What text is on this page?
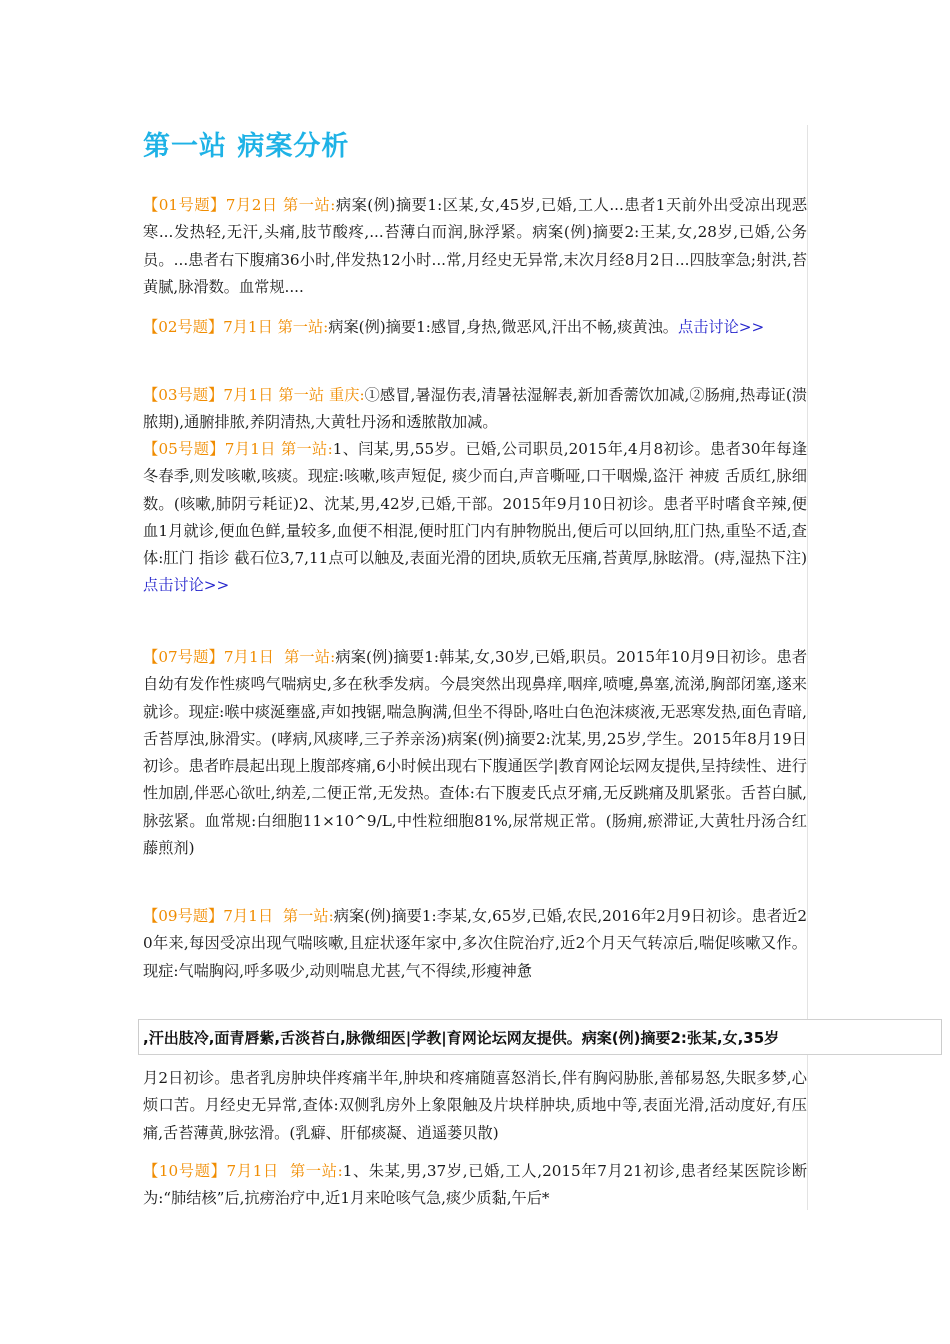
第一站 病案分析

【01号题】7月2日 第一站:病案(例)摘要1:区某,女,45岁,已婚,工人...患者1天前外出受凉出现恶寒...发热轻,无汗,头痛,肢节酸疼,...苔薄白而润,脉浮紧。病案(例)摘要2:王某,女,28岁,已婚,公务员。...患者右下腹痛36小时,伴发热12小时...常,月经史无异常,末次月经8月2日...四肢挛急;射洪,苔黄腻,脉滑数。血常规....

【02号题】7月1日 第一站:病案(例)摘要1:感冒,身热,微恶风,汗出不畅,痰黄浊。点击讨论>>

【03号题】7月1日 第一站 重庆:①感冒,暑湿伤表,清暑祛湿解表,新加香薷饮加减,②肠痈,热毒证(溃脓期),通腑排脓,养阴清热,大黄牡丹汤和透脓散加减。

【05号题】7月1日 第一站:1、闫某,男,55岁。已婚,公司职员,2015年,4月8初诊。患者30年每逢冬春季,则发咳嗽,咳痰。现症:咳嗽,咳声短促, 痰少而白,声音嘶哑,口干咽燥,盗汗 神疲 舌质红,脉细数。(咳嗽,肺阴亏耗证)2、沈某,男,42岁,已婚,干部。2015年9月10日初诊。患者平时嗜食辛辣,便血1月就诊,便血色鲜,量较多,血便不相混,便时肛门内有肿物脱出,便后可以回纳,肛门热,重坠不适,查体:肛门 指诊 截石位3,7,11点可以触及,表面光滑的团块,质软无压痛,苔黄厚,脉眩滑。(痔,湿热下注)点击讨论>>

【07号题】7月1日 第一站:病案(例)摘要1:韩某,女,30岁,已婚,职员。2015年10月9日初诊。患者自幼有发作性痰鸣气喘病史,多在秋季发病。今晨突然出现鼻痒,咽痒,喷嚏,鼻塞,流涕,胸部闭塞,遂来就诊。现症:喉中痰涎壅盛,声如拽锯,喘急胸满,但坐不得卧,咯吐白色泡沫痰液,无恶寒发热,面色青暗,舌苔厚浊,脉滑实。(哮病,风痰哮,三子养亲汤)病案(例)摘要2:沈某,男,25岁,学生。2015年8月19日初诊。患者昨晨起出现上腹部疼痛,6小时候出现右下腹通医学|教育网论坛网友提供,呈持续性、进行性加剧,伴恶心欲吐,纳差,二便正常,无发热。查体:右下腹麦氏点牙痛,无反跳痛及肌紧张。舌苔白腻,脉弦紧。血常规:白细胞11×10^9/L,中性粒细胞81%,尿常规正常。(肠痈,瘀滞证,大黄牡丹汤合红藤煎剂)

【09号题】7月1日 第一站:病案(例)摘要1:李某,女,65岁,已婚,农民,2016年2月9日初诊。患者近20年来,每因受凉出现气喘咳嗽,且症状逐年家中,多次住院治疗,近2个月天气转凉后,喘促咳嗽又作。现症:气喘胸闷,呼多吸少,动则喘息尤甚,气不得续,形瘦神惫

月2日初诊。患者乳房肿块伴疼痛半年,肿块和疼痛随喜怒消长,伴有胸闷胁胀,善郁易怒,失眠多梦,心烦口苦。月经史无异常,查体:双侧乳房外上象限触及片块样肿块,质地中等,表面光滑,活动度好,有压痛,舌苔薄黄,脉弦滑。(乳癖、肝郁痰凝、逍遥蒌贝散)

【10号题】7月1日 第一站:1、朱某,男,37岁,已婚,工人,2015年7月21初诊,患者经某医院诊断为:“肺结核”后,抗痨治疗中,近1月来呛咳气急,痰少质黏,午后*

,汗出肢冷,面青唇紫,舌淡苔白,脉微细医|学教|育网论坛网友提供。病案(例)摘要2:张某,女,35岁
